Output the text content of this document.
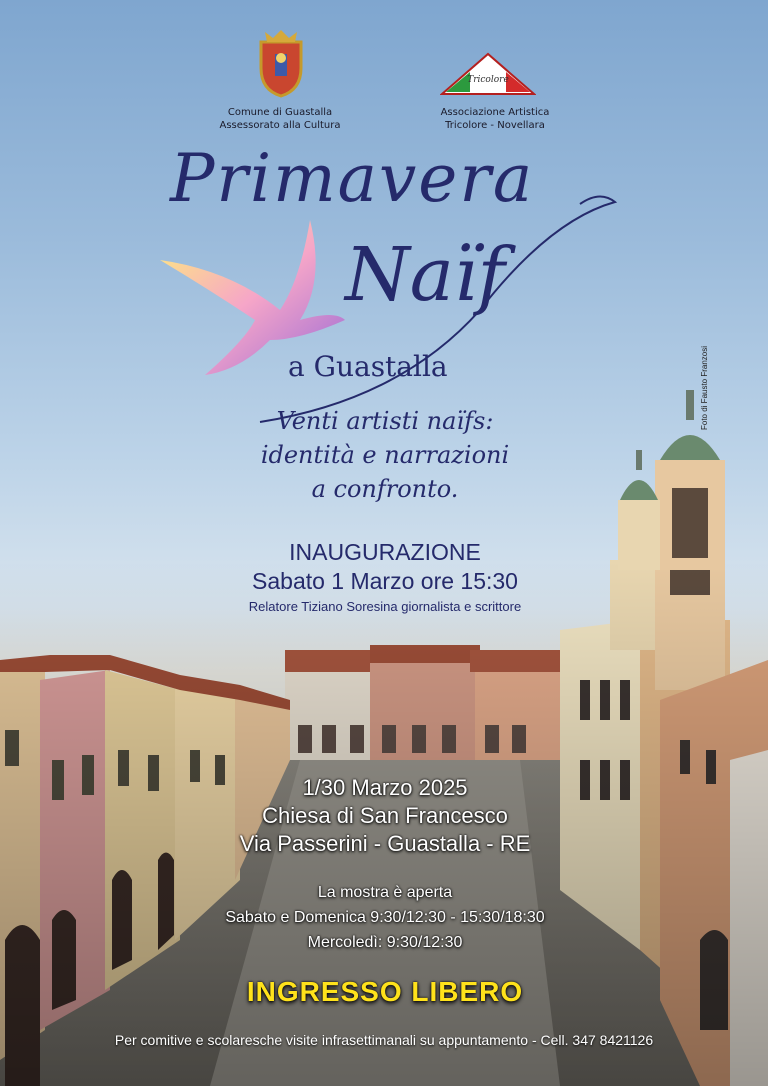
Comune di Guastalla
Assessorato alla Cultura
Tricolore
Associazione Artistica
Tricolore - Novellara
Primavera
Naïf
a Guastalla
Venti artisti naïfs:
identità e narrazioni
a confronto.
Foto di Fausto Franzosi
INAUGURAZIONE
Sabato 1 Marzo ore 15:30
Relatore Tiziano Soresina giornalista e scrittore
1/30 Marzo 2025
Chiesa di San Francesco
Via Passerini - Guastalla - RE
La mostra è aperta
Sabato e Domenica 9:30/12:30 - 15:30/18:30
Mercoledì: 9:30/12:30
INGRESSO LIBERO
Per comitive e scolaresche visite infrasettimanali su appuntamento - Cell. 347 8421126
